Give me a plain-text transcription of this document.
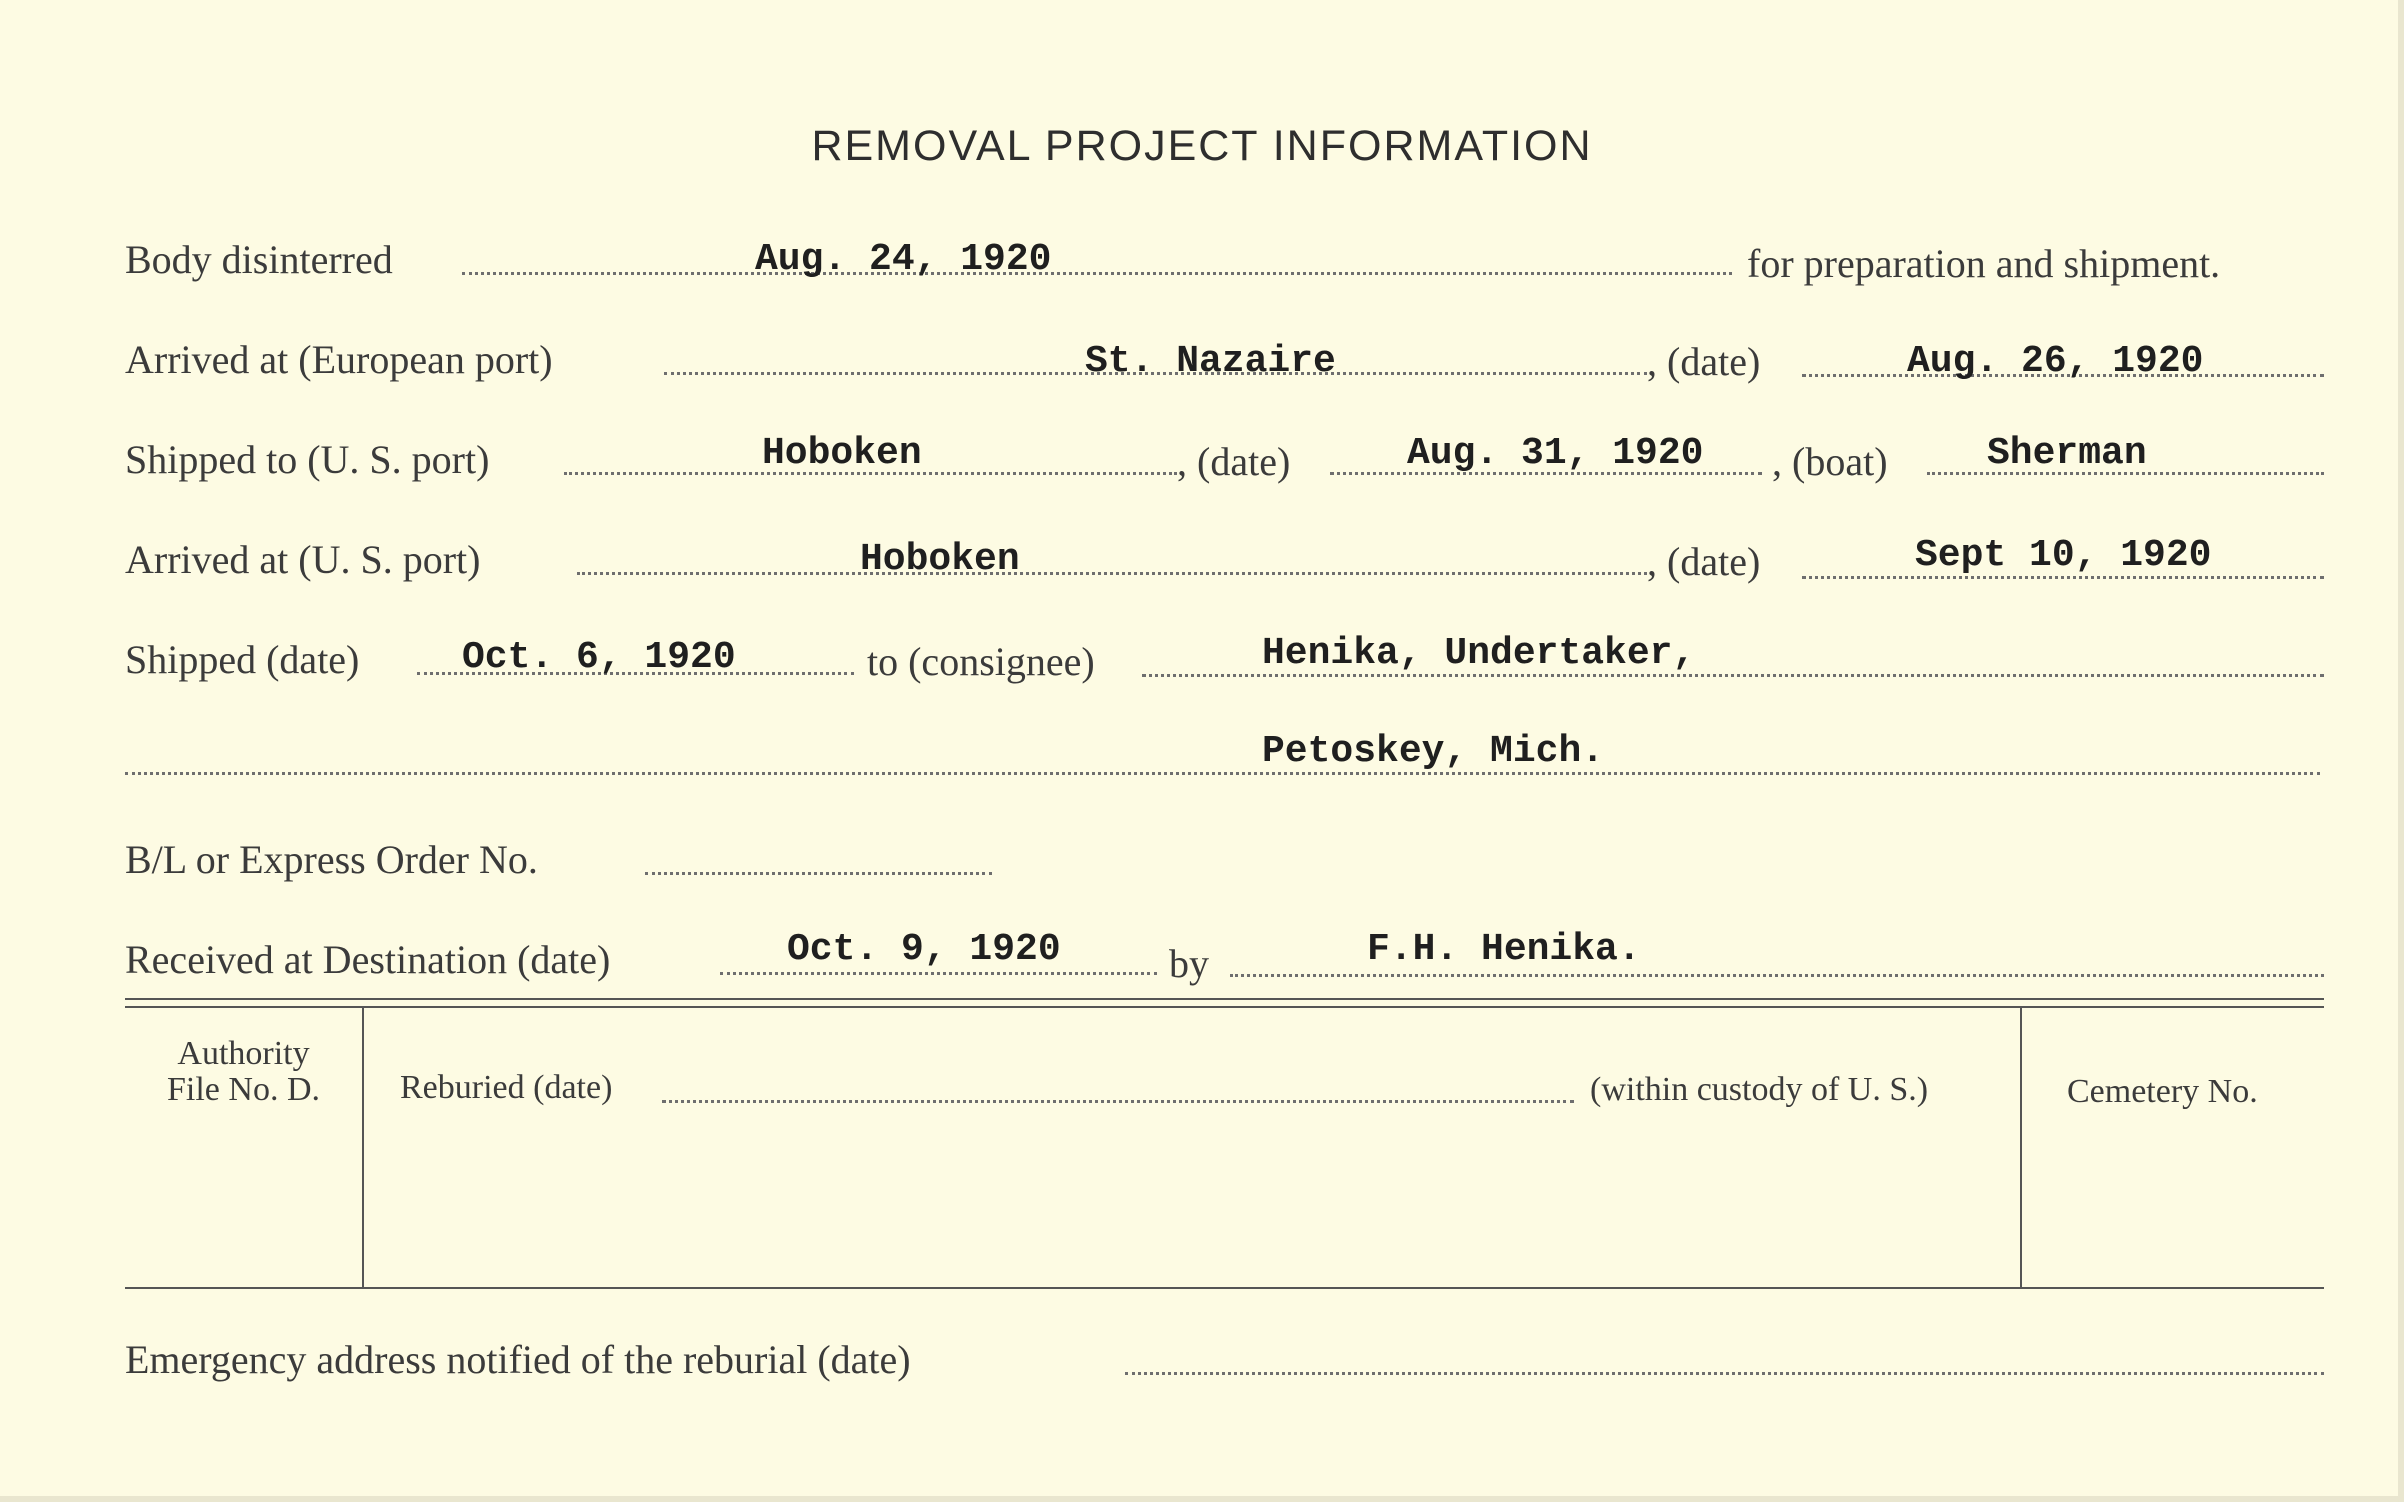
REMOVAL PROJECT INFORMATION
Body disinterred	Aug. 24, 1920	for preparation and shipment.
Arrived at (European port)	St. Nazaire	, (date)	Aug. 26, 1920
Shipped to (U. S. port)	Hoboken	, (date)	Aug. 31, 1920 , (boat)	Sherman
Arrived at (U. S. port)	Hoboken	, (date)	Sept 10, 1920
Shipped (date)	Oct. 6, 1920	to (consignee)	Henika, Undertaker,
Petoskey, Mich.
B/L or Express Order No.
Received at Destination (date)	Oct. 9, 1920	by	F.H. Henika.
Authority
File No. D.	Reburied (date)	(within custody of U. S.)	Cemetery No.
Emergency address notified of the reburial (date)
